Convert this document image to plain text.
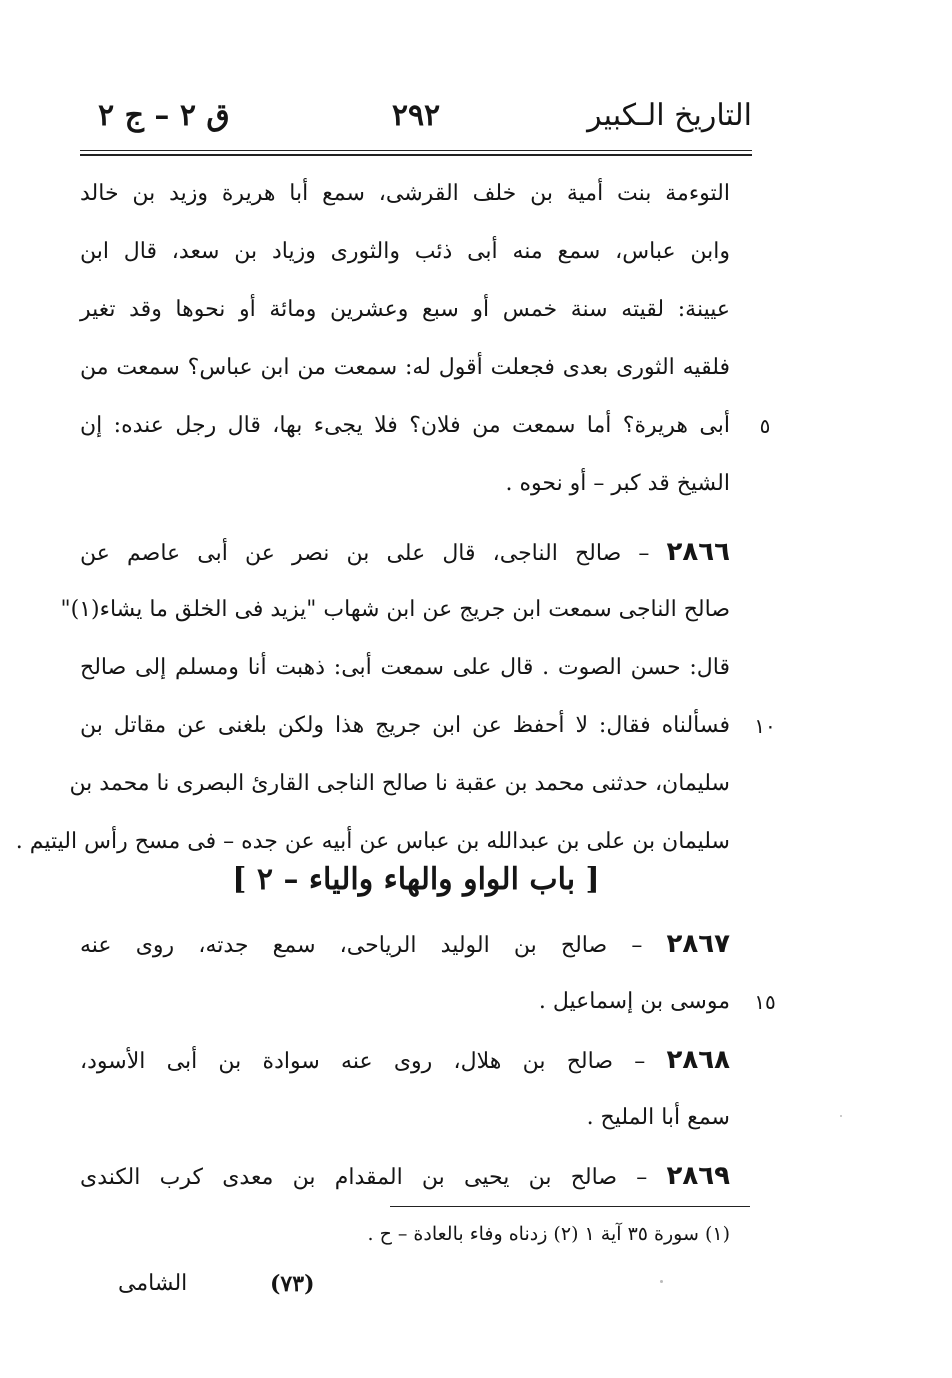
التاريخ الـكبير
٢٩٢
ق ٢ – ج ٢
التوءمة بنت أمية بن خلف القرشى، سمع أبا هريرة وزيد بن خالد
وابن عباس، سمع منه أبى ذئب والثورى وزياد بن سعد، قال ابن
عيينة: لقيته سنة خمس أو سبع وعشرين ومائة أو نحوها وقد تغير
فلقيه الثورى بعدى فجعلت أقول له: سمعت من ابن عباس؟ سمعت من
أبى هريرة؟ أما سمعت من فلان؟ فلا يجىء بها، قال رجل عنده: إن	٥
الشيخ قد كبر – أو نحوه .
٢٨٦٦ – صالح الناجى، قال على بن نصر عن أبى عاصم عن
صالح الناجى سمعت ابن جريج عن ابن شهاب "يزيد فى الخلق ما يشاء(١)"
قال: حسن الصوت . قال على سمعت أبى: ذهبت أنا ومسلم إلى صالح
فسألناه فقال: لا أحفظ عن ابن جريج هذا ولكن بلغنى عن مقاتل بن	١٠
سليمان، حدثنى محمد بن عقبة نا صالح الناجى القارئ البصرى نا محمد بن
سليمان بن على بن عبدالله بن عباس عن أبيه عن جده – فى مسح رأس اليتيم .
[ باب الواو والهاء والياء – ٢ ]
٢٨٦٧ – صالح بن الوليد الرياحى، سمع جدته، روى عنه
موسى بن إسماعيل .	١٥
٢٨٦٨ – صالح بن هلال، روى عنه سوادة بن أبى الأسود،
سمع أبا المليح .
٢٨٦٩ – صالح بن يحيى بن المقدام بن معدى كرب الكندى
(١) سورة ٣٥ آية ١ (٢) زدناه وفاء بالعادة – ح .
(٧٣)
الشامى
